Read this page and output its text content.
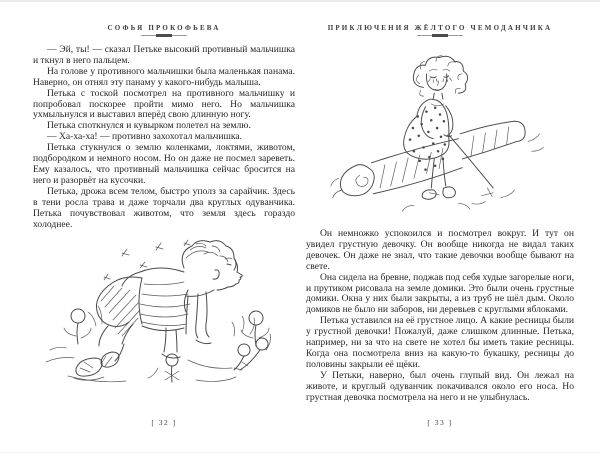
СОФЬЯ ПРОКОФЬЕВА

— Эй, ты! — сказал Петьке высокий противный мальчишка и ткнул в него пальцем.

На голове у противного мальчишки была маленькая панама. Наверно, он отнял эту панаму у какого-нибудь малыша.

Петька с тоской посмотрел на противного мальчишку и попробовал поскорее пройти мимо него. Но мальчишка ухмыльнулся и выставил вперёд свою длинную ногу.

Петька споткнулся и кувырком полетел на землю.

— Ха-ха-ха! — противно захохотал мальчишка.

Петька стукнулся о землю коленками, локтями, животом, подбородком и немного носом. Но он даже не посмел зареветь. Ему казалось, что противный мальчишка сейчас бросится на него и разорвёт на кусочки.

Петька, дрожа всем телом, быстро уполз за сарайчик. Здесь в тени росла трава и даже торчали два круглых одуванчика. Петька почувствовал животом, что земля здесь гораздо холоднее.

[ 32 ]
ПРИКЛЮЧЕНИЯ ЖЁЛТОГО ЧЕМОДАНЧИКА

Он немножко успокоился и посмотрел вокруг. И тут он увидел грустную девочку. Он вообще никогда не видал таких девочек. Он даже не знал, что такие девочки вообще бывают на свете.

Она сидела на бревне, поджав под себя худые загорелые ноги, и прутиком рисовала на земле домики. Это были очень грустные домики. Окна у них были закрыты, а из труб не шёл дым. Около домиков не было ни заборов, ни деревьев с круглыми яблоками.

Петька уставился на её грустное лицо. А какие ресницы были у грустной девочки! Пожалуй, даже слишком длинные. Петька, например, ни за что на свете не хотел бы иметь такие ресницы. Когда она посмотрела вниз на какую-то букашку, ресницы до половины закрыли её щёки.

У Петьки, наверно, был очень глупый вид. Он лежал на животе, и круглый одуванчик покачивался около его носа. Но грустная девочка посмотрела на него и не улыбнулась.

[ 33 ]
